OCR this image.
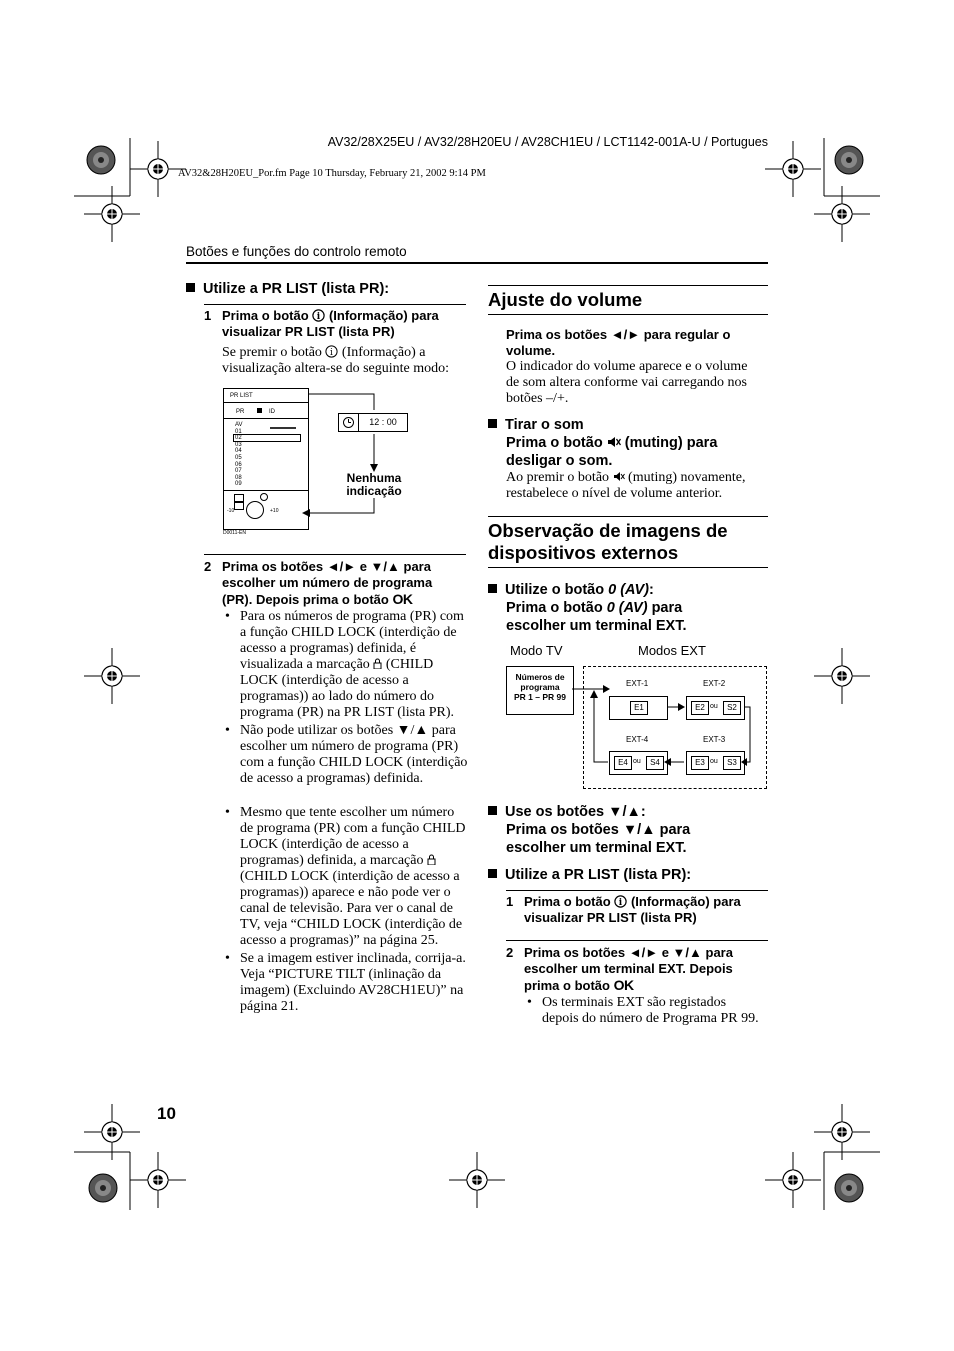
AV32/28X25EU / AV32/28H20EU / AV28CH1EU / LCT1142-001A-U / Portugues
AV32&28H20EU_Por.fm Page 10 Thursday, February 21, 2002 9:14 PM
Botões e funções do controlo remoto
Utilize a PR LIST (lista PR):
1 Prima o botão i (Informação) para
visualizar PR LIST (lista PR)
Se premir o botão i (Informação) a
visualização altera-se do seguinte modo:
PR LIST
PR	ID
AV
01
02
03
04
05
06
07
08
09
-10	+10
D0011-EN
12 : 00
Nenhuma
indicação
2 Prima os botões ◄/► e ▼/▲ para
escolher um número de programa
(PR). Depois prima o botão OK
• Para os números de programa (PR) com a função CHILD LOCK (interdição de acesso a programas) definida, é visualizada a marcação (CHILD LOCK (interdição de acesso a programas)) ao lado do número do programa (PR) na PR LIST (lista PR).
• Não pode utilizar os botões ▼/▲ para escolher um número de programa (PR) com a função CHILD LOCK (interdição de acesso a programas) definida.
• Mesmo que tente escolher um número de programa (PR) com a função CHILD LOCK (interdição de acesso a programas) definida, a marcação  (CHILD LOCK (interdição de acesso a programas)) aparece e não pode ver o canal de televisão. Para ver o canal de TV, veja “CHILD LOCK (interdição de acesso a programas)” na página 25.
• Se a imagem estiver inclinada, corrija-a. Veja “PICTURE TILT (inlinação da imagem) (Excluindo AV28CH1EU)” na página 21.
Ajuste do volume
Prima os botões ◄/► para regular o
volume.
O indicador do volume aparece e o volume
de som altera conforme vai carregando nos
botões –/+.
Tirar o som
Prima o botão (muting) para
desligar o som.
Ao premir o botão (muting) novamente,
restabelece o nível de volume anterior.
Observação de imagens de
dispositivos externos
Utilize o botão 0 (AV):
Prima o botão 0 (AV) para
escolher um terminal EXT.
Modo TV	Modos EXT
Números de
programa
PR 1 – PR 99
EXT-1	EXT-2
EXT-4	EXT-3
E1	E2 ou	S2
E4 ou	S4	E3 ou	S3
Use os botões ▼/▲:
Prima os botões ▼/▲ para
escolher um terminal EXT.
Utilize a PR LIST (lista PR):
1 Prima o botão i (Informação) para
visualizar PR LIST (lista PR)
2 Prima os botões ◄/► e ▼/▲ para
escolher um terminal EXT. Depois
prima o botão OK
• Os terminais EXT são registados
depois do número de Programa PR 99.
10
